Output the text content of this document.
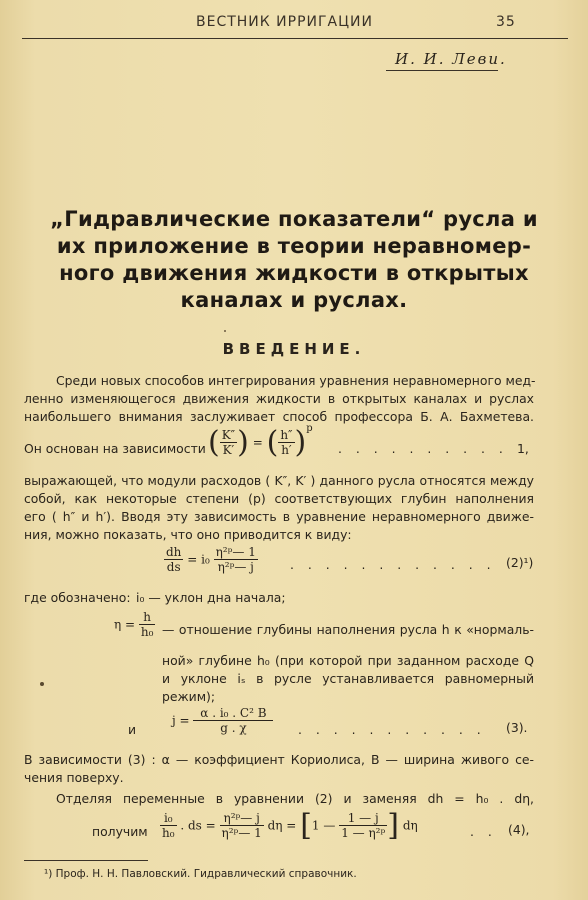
ВЕСТНИК ИРРИГАЦИИ	35
И. И. Леви.
„Гидравлические показатели“ русла и
их приложение в теории неравномер-
ного движения жидкости в открытых
каналах и руслах.
ВВЕДЕНИЕ.
Среди новых способов интегрирования уравнения неравномерного мед-
ленно изменяющегося движения жидкости в открытых каналах и руслах
наибольшего внимания заслуживает способ профессора Б. А. Бахметева.
Он основан на зависимости ( $\frac{K''}{K'}$ ) = ( $\frac{h''}{h'} )^p$
. . . . . . . . . . 1,
выражающей, что модули расходов ( K″, K′ ) данного русла относятся между
собой, как некоторые степени (p) соответствующих глубин наполнения
его ( h″ и h′). Вводя эту зависимость в уравнение неравномерного движе-
ния, можно показать, что оно приводится к виду:
$\frac{dh}{ds} = i_0 \frac{\text{η²ᵖ— 1}}{\text{η²ᵖ— j}}$	. . . . . . . . . . . . (2)¹)
где обозначено: i₀ — уклон дна начала;
$\eta = \frac{h}{\text{h₀}}$ — отношение глубины наполнения русла h к «нормаль-
ной» глубине h₀ (при которой при заданном расходе Q
и уклоне iₛ в русле устанавливается равномерный
режим);
и
$j = \frac{\text{α . i₀ . C² B}}{g . \chi}$ . . . . . . . . . . . (3).
В зависимости (3) : α — коэффициент Кориолиса, B — ширина живого се-
чения поверху.
Отделяя переменные в уравнении (2) и заменяя dh = h₀ . dη,
получим $\frac{\text{i₀}}{\text{h₀}}$ . ds = $\frac{\text{η²ᵖ— j}}{\text{η²ᵖ— 1}}$ dη = [1 — $\frac{1 — j}{\text{1 — η²ᵖ}}$ ] dη	. . (4),
¹) Проф. Н. Н. Павловский. Гидравлический справочник.
